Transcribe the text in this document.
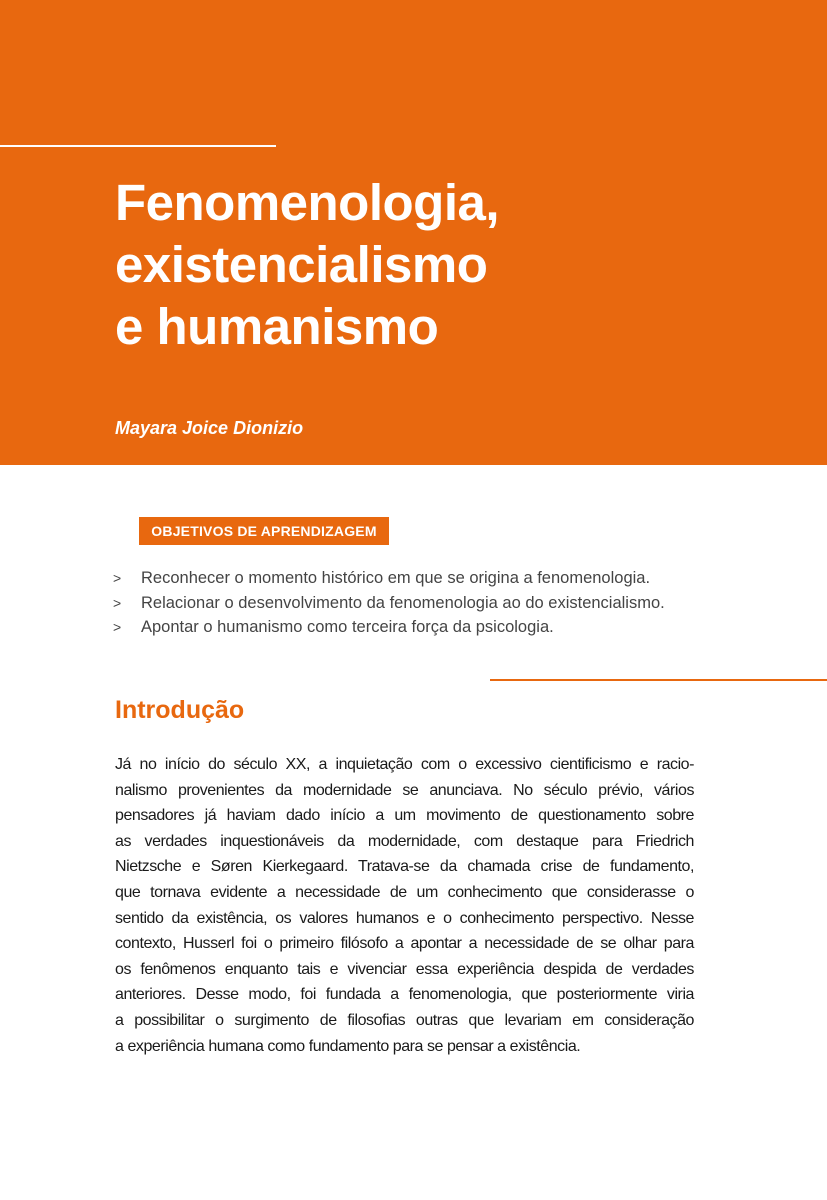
Fenomenologia,
existencialismo
e humanismo
Mayara Joice Dionizio
OBJETIVOS DE APRENDIZAGEM
>	Reconhecer o momento histórico em que se origina a fenomenologia.
>	Relacionar o desenvolvimento da fenomenologia ao do existencialismo.
>	Apontar o humanismo como terceira força da psicologia.
Introdução
Já no início do século XX, a inquietação com o excessivo cientificismo e racio-
nalismo provenientes da modernidade se anunciava. No século prévio, vários
pensadores já haviam dado início a um movimento de questionamento sobre
as verdades inquestionáveis da modernidade, com destaque para Friedrich
Nietzsche e Søren Kierkegaard. Tratava-se da chamada crise de fundamento,
que tornava evidente a necessidade de um conhecimento que considerasse o
sentido da existência, os valores humanos e o conhecimento perspectivo. Nesse
contexto, Husserl foi o primeiro filósofo a apontar a necessidade de se olhar para
os fenômenos enquanto tais e vivenciar essa experiência despida de verdades
anteriores. Desse modo, foi fundada a fenomenologia, que posteriormente viria
a possibilitar o surgimento de filosofias outras que levariam em consideração
a experiência humana como fundamento para se pensar a existência.
